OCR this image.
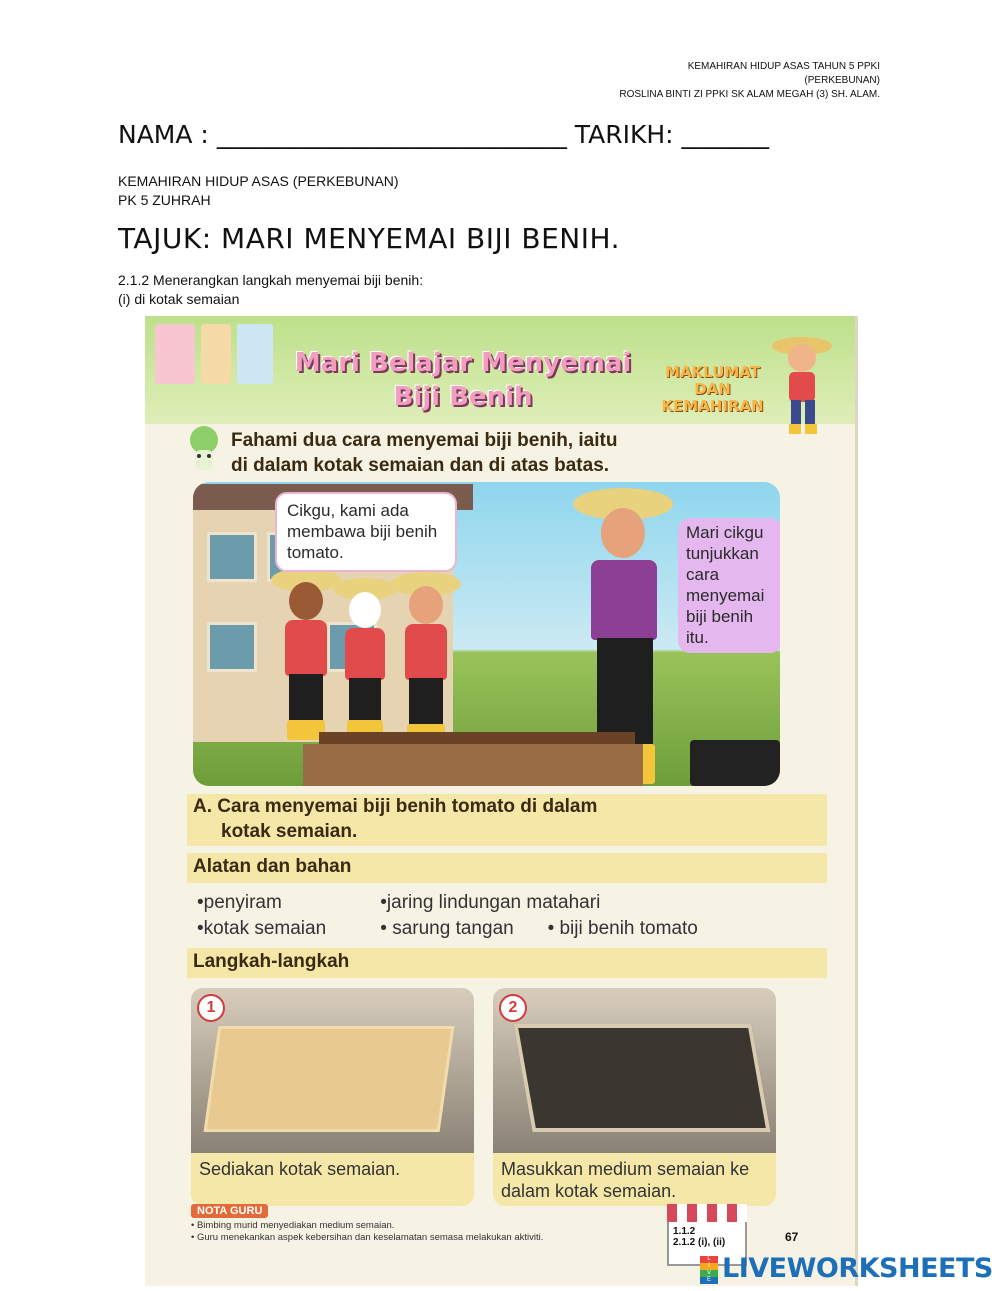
KEMAHIRAN HIDUP ASAS TAHUN 5 PPKI
(PERKEBUNAN)
ROSLINA BINTI ZI PPKI SK ALAM MEGAH (3) SH. ALAM.
NAMA : ____________________________ TARIKH: _______
KEMAHIRAN HIDUP ASAS (PERKEBUNAN)
PK 5 ZUHRAH
TAJUK: MARI MENYEMAI BIJI BENIH.
2.1.2 Menerangkan langkah menyemai biji benih:
(i) di kotak semaian
Mari Belajar Menyemai
Biji Benih
MAKLUMAT
DAN
KEMAHIRAN
Fahami dua cara menyemai biji benih, iaitu
di dalam kotak semaian dan di atas batas.
Cikgu, kami ada membawa biji benih tomato.
Mari cikgu tunjukkan cara menyemai biji benih itu.
A. Cara menyemai biji benih tomato di dalam
kotak semaian.
Alatan dan bahan
•penyiram	•jaring lindungan matahari
•kotak semaian	• sarung tangan • biji benih tomato
Langkah-langkah
1
Sediakan kotak semaian.
2
Masukkan medium semaian ke dalam kotak semaian.
NOTA GURU
• Bimbing murid menyediakan medium semaian.
• Guru menekankan aspek kebersihan dan keselamatan semasa melakukan aktiviti.
1.1.2
2.1.2 (i), (ii)	67
L
I
V
E LIVEWORKSHEETS
